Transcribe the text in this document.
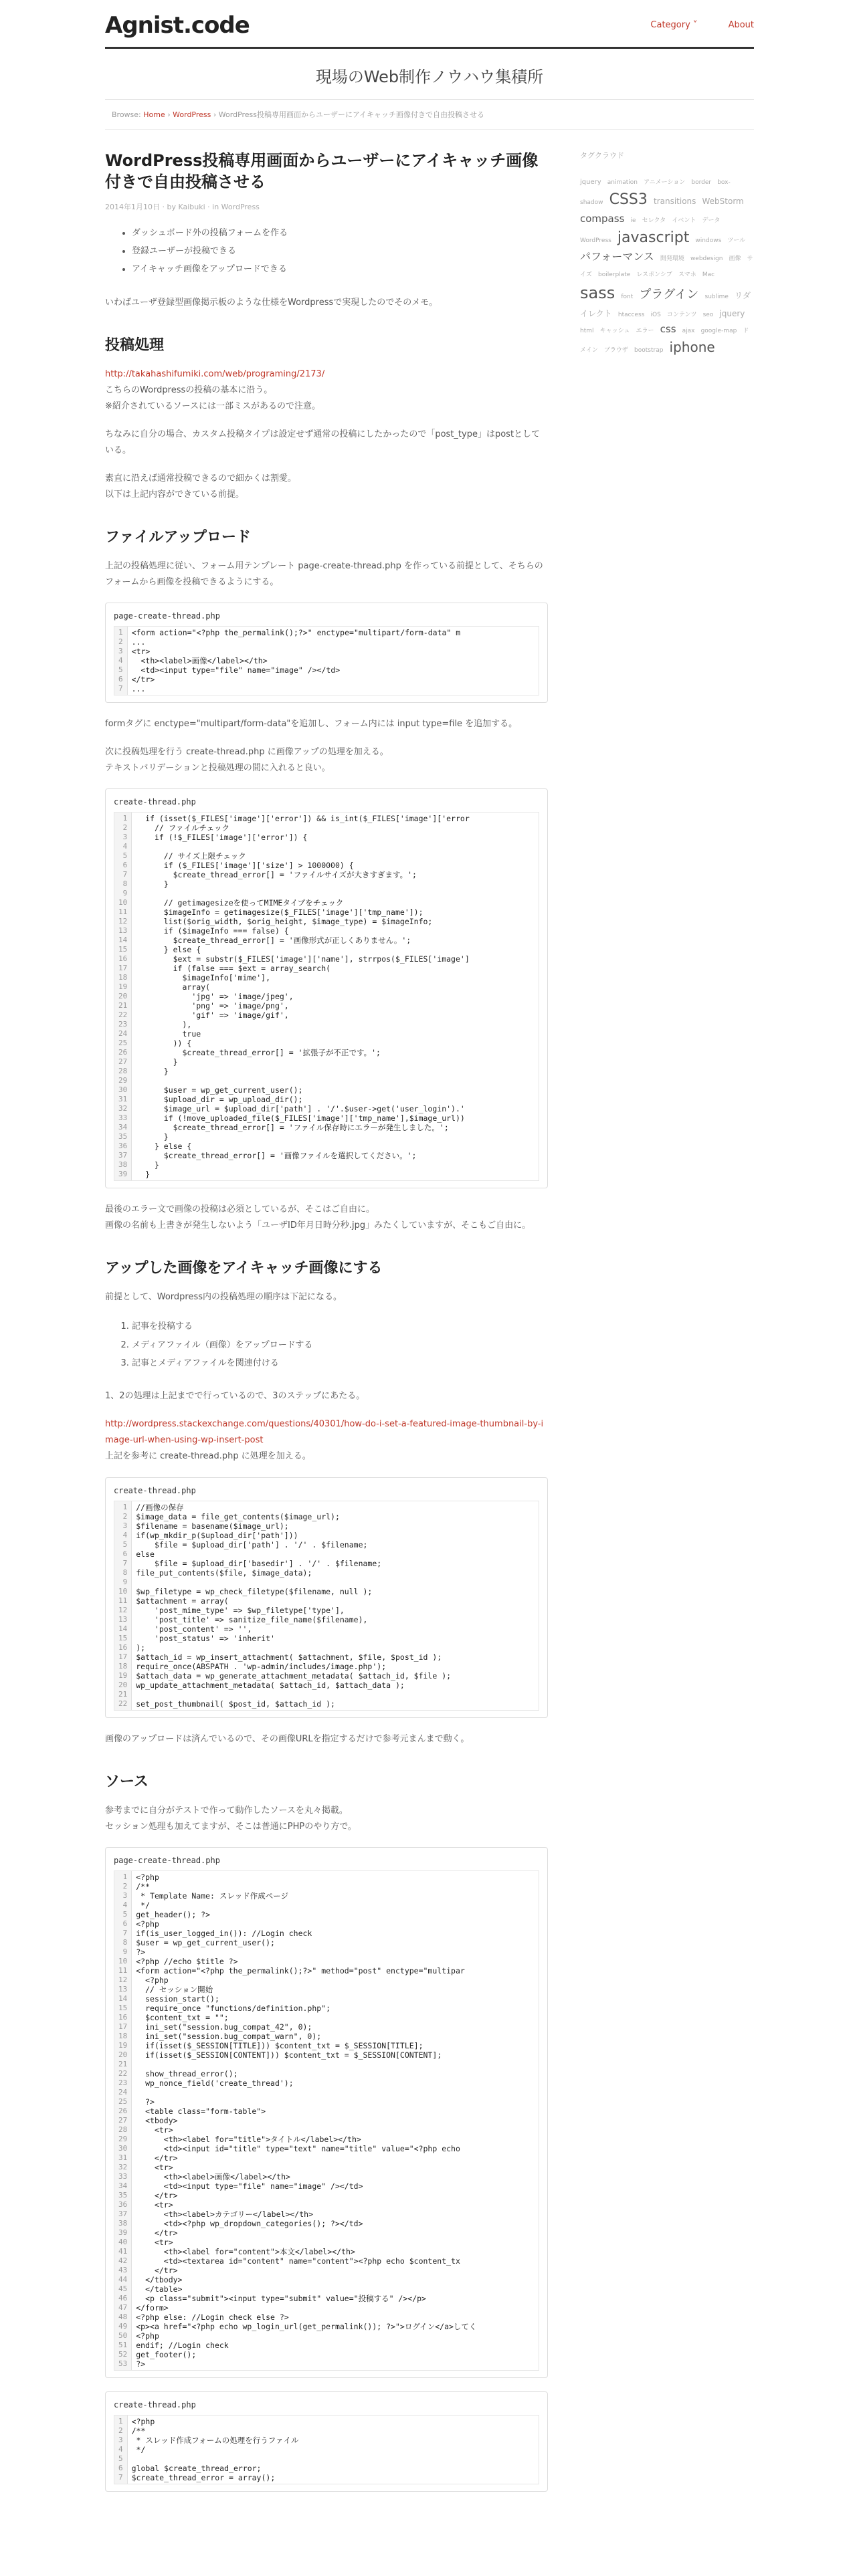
Agnist.code	Category ˅	About
現場のWeb制作ノウハウ集積所
Browse: Home › WordPress › WordPress投稿専用画面からユーザーにアイキャッチ画像付きで自由投稿させる
WordPress投稿専用画面からユーザーにアイキャッチ画像付きで自由投稿させる
2014年1月10日 · by Kaibuki · in WordPress
• ダッシュボード外の投稿フォームを作る
• 登録ユーザーが投稿できる
• アイキャッチ画像をアップロードできる

いわばユーザ登録型画像掲示板のような仕様をWordpressで実現したのでそのメモ。

投稿処理

http://takahashifumiki.com/web/programing/2173/

こちらのWordpressの投稿の基本に沿う。
※紹介されているソースには一部ミスがあるので注意。

ちなみに自分の場合、カスタム投稿タイプは設定せず通常の投稿にしたかったので「post_type」はpostとしている。

素直に沿えば通常投稿できるので細かくは割愛。
以下は上記内容ができている前提。

ファイルアップロード

上記の投稿処理に従い、フォーム用テンプレート page-create-thread.php を作っている前提として、そちらのフォームから画像を投稿できるようにする。

page-create-thread.php
1
2
3
4
5
6
7
<form action="<?php the_permalink();?>" enctype="multipart/form-data" m
...
<tr>
<th><label>画像</label></th>
<td><input type="file" name="image" /></td>
</tr>
...

formタグに enctype="multipart/form-data"を追加し、フォーム内には input type=file を追加する。

次に投稿処理を行う create-thread.php に画像アップの処理を加える。
テキストバリデーションと投稿処理の間に入れると良い。

create-thread.php
1
2
3
4
5
6
7
8
9
10
11
12
13
14
15
16
17
18
19
20
21
22
23
24
25
26
27
28
29
30
31
32
33
34
35
36
37
38
39
if (isset($_FILES['image']['error']) && is_int($_FILES['image']['error
// ファイルチェック
if (!$_FILES['image']['error']) {

// サイズ上限チェック
if ($_FILES['image']['size'] > 1000000) {
$create_thread_error[] = 'ファイルサイズが大きすぎます。';
}

// getimagesizeを使ってMIMEタイプをチェック
$imageInfo = getimagesize($_FILES['image']['tmp_name']);
list($orig_width, $orig_height, $image_type) = $imageInfo;
if ($imageInfo === false) {
$create_thread_error[] = '画像形式が正しくありません。';
} else {
$ext = substr($_FILES['image']['name'], strrpos($_FILES['image']
if (false === $ext = array_search(
$imageInfo['mime'],
array(
'jpg' => 'image/jpeg',
'png' => 'image/png',
'gif' => 'image/gif',
),
true
)) {
$create_thread_error[] = '拡張子が不正です。';
}
}

$user = wp_get_current_user();
$upload_dir = wp_upload_dir();
$image_url = $upload_dir['path'] . '/'.$user->get('user_login').'
if (!move_uploaded_file($_FILES['image']['tmp_name'],$image_url))
$create_thread_error[] = 'ファイル保存時にエラーが発生しました。';
}
} else {
$create_thread_error[] = '画像ファイルを選択してください。';
}
}

最後のエラー文で画像の投稿は必須としているが、そこはご自由に。
画像の名前も上書きが発生しないよう「ユーザID年月日時分秒.jpg」みたくしていますが、そこもご自由に。

アップした画像をアイキャッチ画像にする

前提として、Wordpress内の投稿処理の順序は下記になる。

1. 記事を投稿する
2. メディアファイル（画像）をアップロードする
3. 記事とメディアファイルを関連付ける

1、2の処理は上記までで行っているので、3のステップにあたる。

http://wordpress.stackexchange.com/questions/40301/how-do-i-set-a-featured-image-thumbnail-by-image-url-when-using-wp-insert-post

上記を参考に create-thread.php に処理を加える。

create-thread.php
1
2
3
4
5
6
7
8
9
10
11
12
13
14
15
16
17
18
19
20
21
22
//画像の保存
$image_data = file_get_contents($image_url);
$filename = basename($image_url);
if(wp_mkdir_p($upload_dir['path']))
$file = $upload_dir['path'] . '/' . $filename;
else
$file = $upload_dir['basedir'] . '/' . $filename;
file_put_contents($file, $image_data);

$wp_filetype = wp_check_filetype($filename, null );
$attachment = array(
'post_mime_type' => $wp_filetype['type'],
'post_title' => sanitize_file_name($filename),
'post_content' => '',
'post_status' => 'inherit'
);
$attach_id = wp_insert_attachment( $attachment, $file, $post_id );
require_once(ABSPATH . 'wp-admin/includes/image.php');
$attach_data = wp_generate_attachment_metadata( $attach_id, $file );
wp_update_attachment_metadata( $attach_id, $attach_data );

set_post_thumbnail( $post_id, $attach_id );

画像のアップロードは済んでいるので、その画像URLを指定するだけで参考元まんまで動く。

ソース

参考までに自分がテストで作って動作したソースを丸々掲載。
セッション処理も加えてますが、そこは普通にPHPのやり方で。

page-create-thread.php
1
2
3
4
5
6
7
8
9
10
11
12
13
14
15
16
17
18
19
20
21
22
23
24
25
26
27
28
29
30
31
32
33
34
35
36
37
38
39
40
41
42
43
44
45
46
47
48
49
50
51
52
53
<?php
/**
* Template Name: スレッド作成ページ
*/
get_header(); ?>
<?php
if(is_user_logged_in()): //Login check
$user = wp_get_current_user();
?>
<?php //echo $title ?>
<form action="<?php the_permalink();?>" method="post" enctype="multipar
<?php
// セッション開始
session_start();
require_once "functions/definition.php";
$content_txt = "";
ini_set("session.bug_compat_42", 0);
ini_set("session.bug_compat_warn", 0);
if(isset($_SESSION[TITLE])) $content_txt = $_SESSION[TITLE];
if(isset($_SESSION[CONTENT])) $content_txt = $_SESSION[CONTENT];

show_thread_error();
wp_nonce_field('create_thread');

?>
<table class="form-table">
<tbody>
<tr>
<th><label for="title">タイトル</label></th>
<td><input id="title" type="text" name="title" value="<?php echo
</tr>
<tr>
<th><label>画像</label></th>
<td><input type="file" name="image" /></td>
</tr>
<tr>
<th><label>カテゴリー</label></th>
<td><?php wp_dropdown_categories(); ?></td>
</tr>
<tr>
<th><label for="content">本文</label></th>
<td><textarea id="content" name="content"><?php echo $content_tx
</tr>
</tbody>
</table>
<p class="submit"><input type="submit" value="投稿する" /></p>
</form>
<?php else: //Login check else ?>
<p><a href="<?php echo wp_login_url(get_permalink()); ?>">ログイン</a>してく
<?php
endif; //Login check
get_footer();
?>
create-thread.php
1
2
3
4
5
6
7
<?php
/**
* スレッド作成フォームの処理を行うファイル
*/

global $create_thread_error;
$create_thread_error = array();
タグクラウド
jquery animation アニメーション border box-shadow CSS3 transitions WebStorm compass ie セレクタ イベント データ WordPress javascript windows ツール パフォーマンス 開発環境 webdesign 画像 サイズ boilerplate レスポンシブ スマホ Mac sass font プラグイン sublime リダイレクト htaccess iOS コンテンツ seo jquery html キャッシュ エラー css ajax google-map ドメイン ブラウザ bootstrap iphone
